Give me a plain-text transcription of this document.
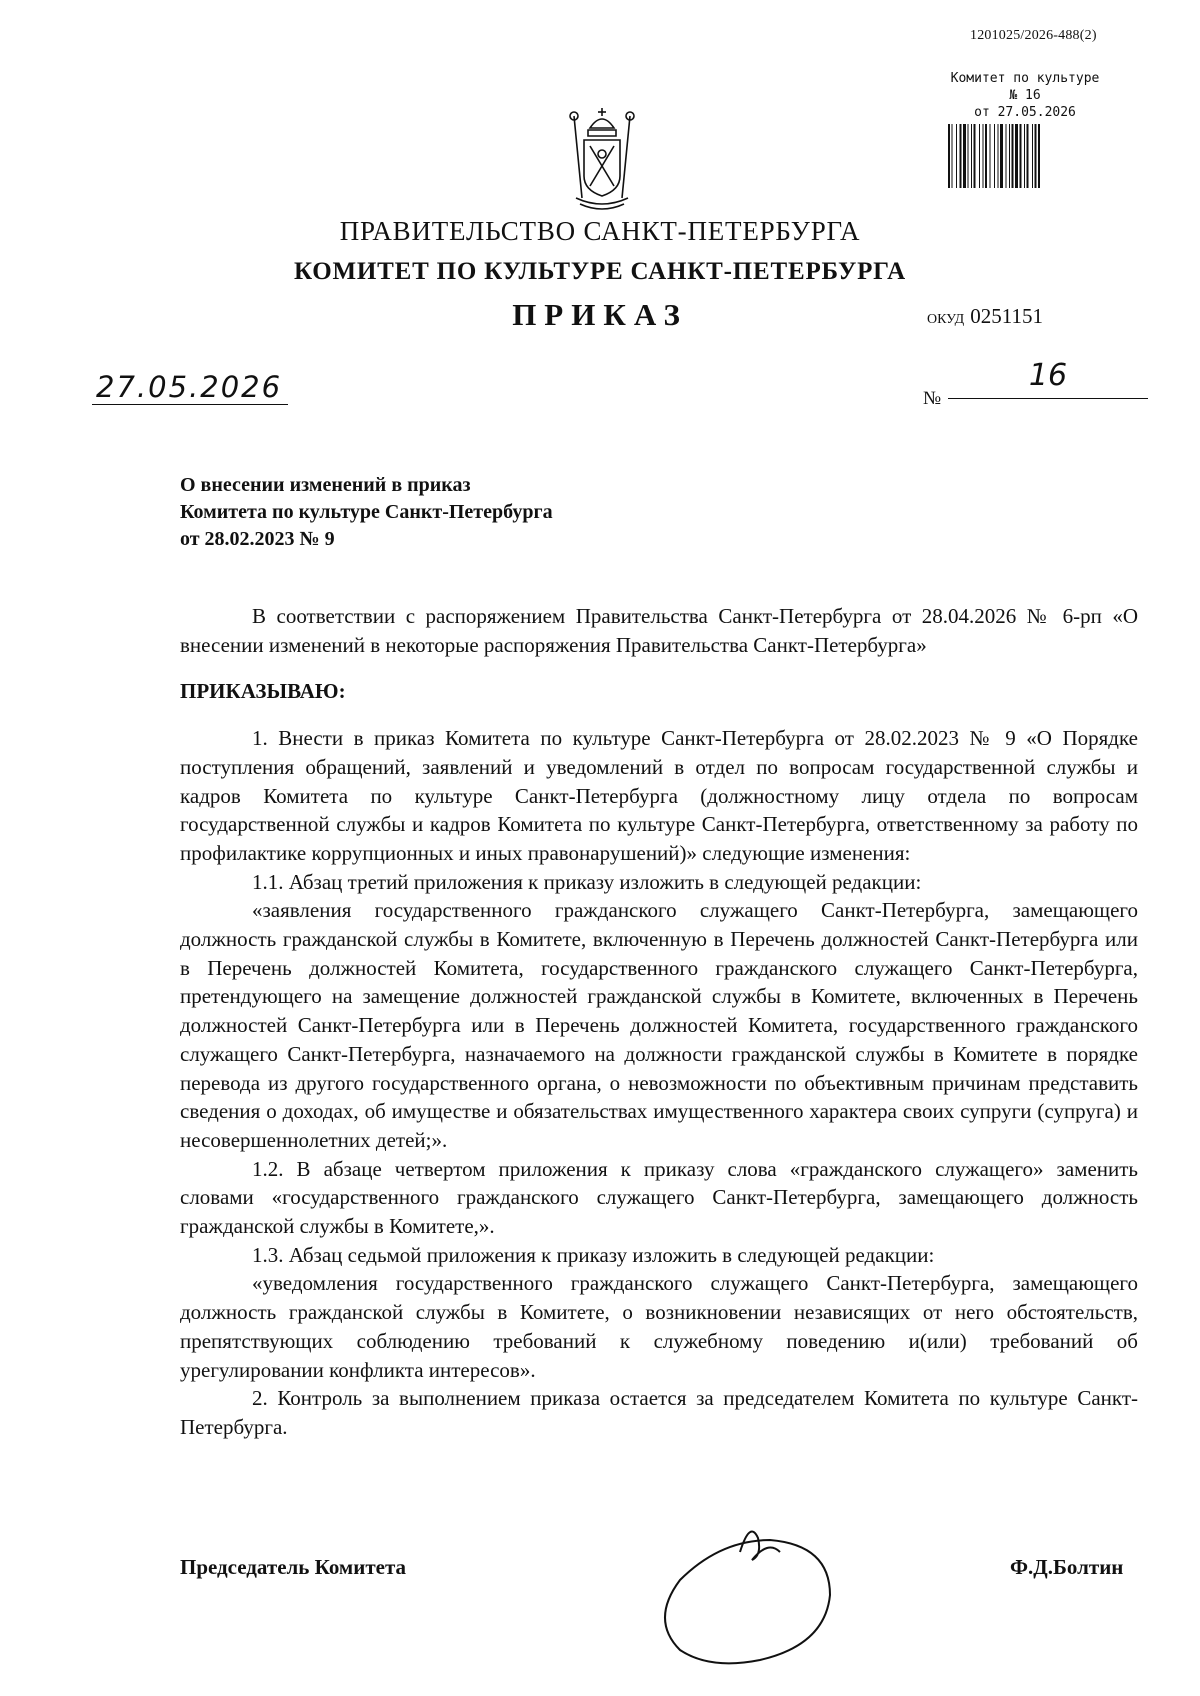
1201025/2026-488(2)
Комитет по культуре
№ 16
от 27.05.2026
ПРАВИТЕЛЬСТВО САНКТ-ПЕТЕРБУРГА
КОМИТЕТ ПО КУЛЬТУРЕ САНКТ-ПЕТЕРБУРГА
ПРИКАЗ	ОКУД 0251151
27.05.2026	№
16
О внесении изменений в приказ
Комитета по культуре Санкт-Петербурга
от 28.02.2023 № 9

В соответствии с распоряжением Правительства Санкт-Петербурга от 28.04.2026 № 6-рп «О внесении изменений в некоторые распоряжения Правительства Санкт-Петербурга»

ПРИКАЗЫВАЮ:

1. Внести в приказ Комитета по культуре Санкт-Петербурга от 28.02.2023 № 9 «О Порядке поступления обращений, заявлений и уведомлений в отдел по вопросам государственной службы и кадров Комитета по культуре Санкт-Петербурга (должностному лицу отдела по вопросам государственной службы и кадров Комитета по культуре Санкт-Петербурга, ответственному за работу по профилактике коррупционных и иных правонарушений)» следующие изменения:

1.1. Абзац третий приложения к приказу изложить в следующей редакции:

«заявления государственного гражданского служащего Санкт-Петербурга, замещающего должность гражданской службы в Комитете, включенную в Перечень должностей Санкт-Петербурга или в Перечень должностей Комитета, государственного гражданского служащего Санкт-Петербурга, претендующего на замещение должностей гражданской службы в Комитете, включенных в Перечень должностей Санкт-Петербурга или в Перечень должностей Комитета, государственного гражданского служащего Санкт-Петербурга, назначаемого на должности гражданской службы в Комитете в порядке перевода из другого государственного органа, о невозможности по объективным причинам представить сведения о доходах, об имуществе и обязательствах имущественного характера своих супруги (супруга) и несовершеннолетних детей;».

1.2. В абзаце четвертом приложения к приказу слова «гражданского служащего» заменить словами «государственного гражданского служащего Санкт-Петербурга, замещающего должность гражданской службы в Комитете,».

1.3. Абзац седьмой приложения к приказу изложить в следующей редакции:

«уведомления государственного гражданского служащего Санкт-Петербурга, замещающего должность гражданской службы в Комитете, о возникновении независящих от него обстоятельств, препятствующих соблюдению требований к служебному поведению и(или) требований об урегулировании конфликта интересов».

2. Контроль за выполнением приказа остается за председателем Комитета по культуре Санкт-Петербурга.

Председатель Комитета	Ф.Д.Болтин
